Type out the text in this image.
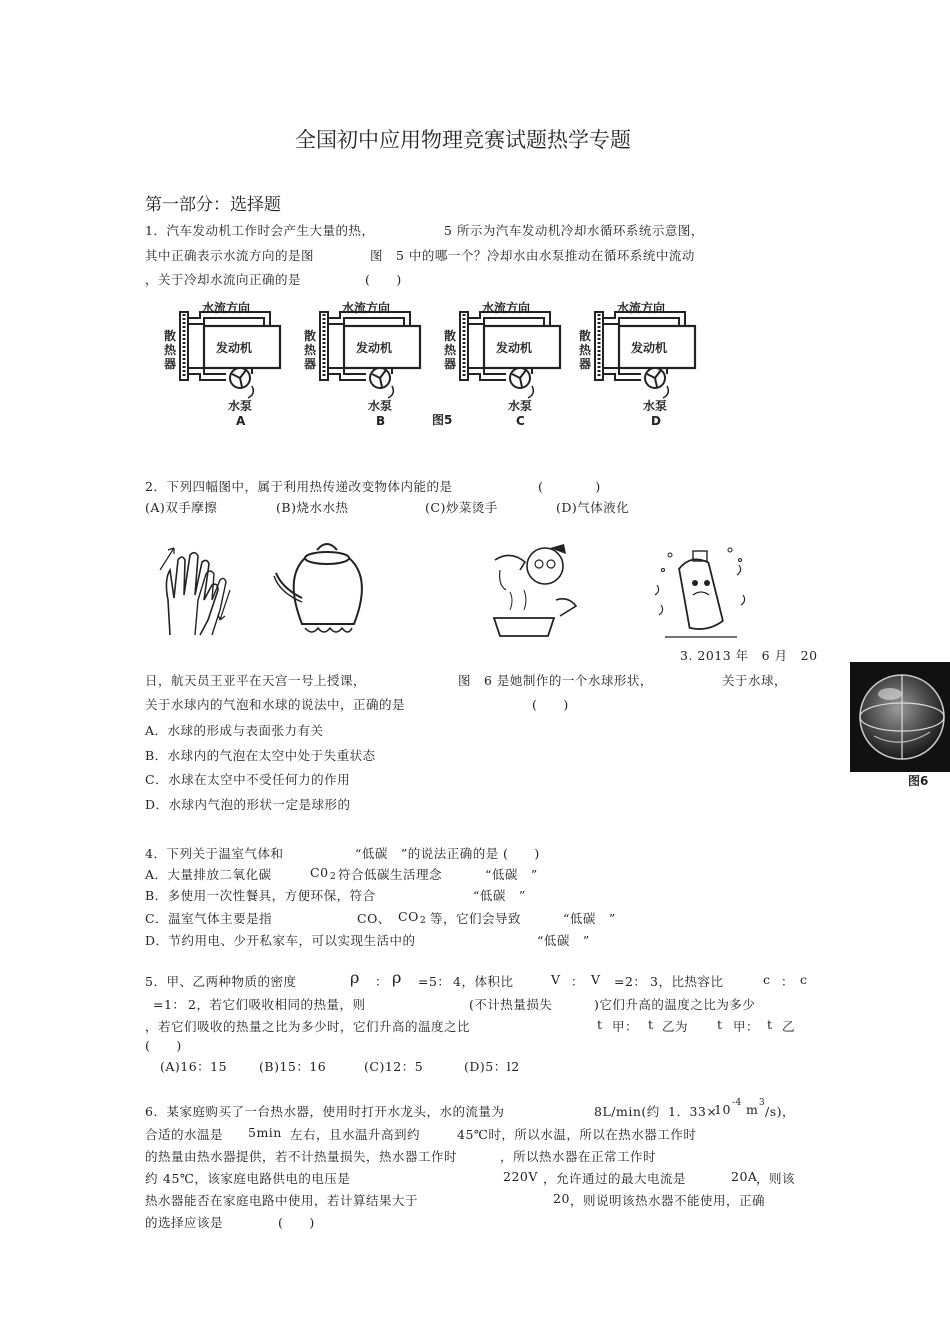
全国初中应用物理竞赛试题热学专题
第一部分：选择题
1．汽车发动机工作时会产生大量的热，	5 所示为汽车发动机冷却水循环系统示意图，
其中正确表示水流方向的是图	图　5 中的哪一个？冷却水由水泵推动在循环系统中流动
，关于冷却水流向正确的是	(　　)
水流方向
发动机
散
热
器
水泵
A
水流方向
发动机
散
热
器
水泵
B
水流方向
发动机
散
热
器
水泵
C
水流方向
发动机
散
热
器
水泵
D
图5
2．下列四幅图中，属于利用热传递改变物体内能的是	(　　　　)
(A)双手摩擦	(B)烧水水热	(C)炒菜烫手	(D)气体液化
3. 2013 年　6 月　20
日，航天员王亚平在天宫一号上授课，	图　6 是她制作的一个水球形状，	关于水球，
关于水球内的气泡和水球的说法中，正确的是	(　　)
A．水球的形成与表面张力有关
B．水球内的气泡在太空中处于失重状态
C．水球在太空中不受任何力的作用
D．水球内气泡的形状一定是球形的
图6
4．下列关于温室气体和	“低碳　”的说法正确的是 (　　)
A．大量排放二氧化碳	C0 2 符合低碳生活理念	“低碳　”
B．多使用一次性餐具，方便环保，符合	“低碳　”
C．温室气体主要是指	CO、 CO 2 等，它们会导致	“低碳　”
D．节约用电、少开私家车，可以实现生活中的	“低碳　”
5．甲、乙两种物质的密度	ρ ： ρ =5： 4，体积比	V ： V =2： 3，比热容比	c ： c
=1： 2，若它们吸收相同的热量，则	(不计热量损失	)它们升高的温度之比为多少
，若它们吸收的热量之比为多少时，它们升高的温度之比	t 甲： t 乙为 t 甲： t 乙
(　　)
(A)16：15	(B)15：16	(C)12：5	(D)5：l2
6．某家庭购买了一台热水器，使用时打开水龙头，水的流量为	8L/min(约 1．33×
10 -4 m 3
/s)，
合适的水温是 5min 左右，且水温升高到约	45℃时，所以水温，所以在热水器工作时
的热量由热水器提供，若不计热量损失，热水器工作时	，所以热水器在正常工作时
约 45℃，该家庭电路供电的电压是	220V ，允许通过的最大电流是	20A
，则该
热水器能否在家庭电路中使用，若计算结果大于	20 ，则说明该热水器不能使用，正确
的选择应该是	(　　)
